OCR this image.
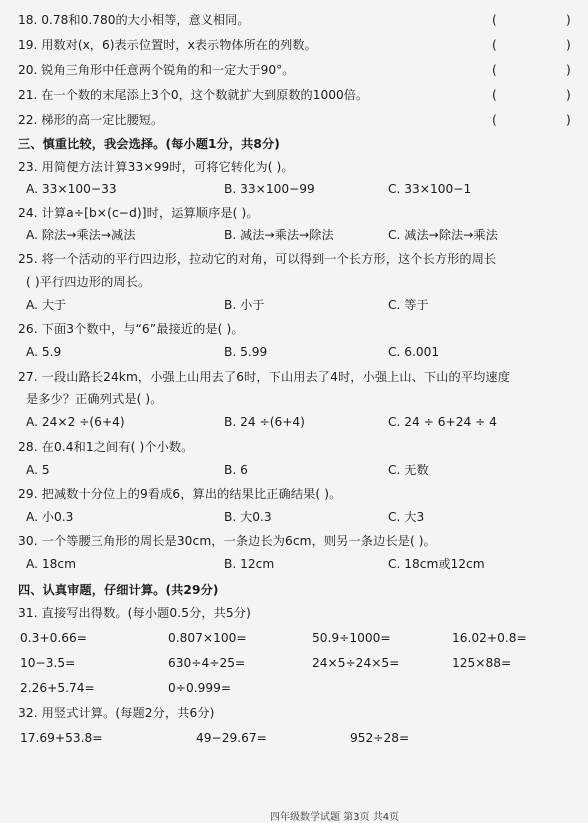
18. 0.78和0.780的大小相等，意义相同。	(	)
19. 用数对(x，6)表示位置时，x表示物体所在的列数。	(	)
20. 锐角三角形中任意两个锐角的和一定大于90°。	(	)
21. 在一个数的末尾添上3个0，这个数就扩大到原数的1000倍。	(	)
22. 梯形的高一定比腰短。	(	)
三、慎重比较，我会选择。(每小题1分，共8分)
23. 用简便方法计算33×99时，可将它转化为( )。
A. 33×100−33	B. 33×100−99	C. 33×100−1
24. 计算a÷[b×(c−d)]时，运算顺序是( )。
A. 除法→乘法→减法	B. 减法→乘法→除法	C. 减法→除法→乘法
25. 将一个活动的平行四边形，拉动它的对角，可以得到一个长方形，这个长方形的周长
( )平行四边形的周长。
A. 大于	B. 小于	C. 等于
26. 下面3个数中，与“6”最接近的是( )。
A. 5.9	B. 5.99	C. 6.001
27. 一段山路长24km，小强上山用去了6时，下山用去了4时，小强上山、下山的平均速度
是多少？正确列式是( )。
A. 24×2 ÷(6+4)	B. 24 ÷(6+4)	C. 24 ÷ 6+24 ÷ 4
28. 在0.4和1之间有( )个小数。
A. 5	B. 6	C. 无数
29. 把减数十分位上的9看成6，算出的结果比正确结果( )。
A. 小0.3	B. 大0.3	C. 大3
30. 一个等腰三角形的周长是30cm，一条边长为6cm，则另一条边长是( )。
A. 18cm	B. 12cm	C. 18cm或12cm
四、认真审题，仔细计算。(共29分)
31. 直接写出得数。(每小题0.5分，共5分)
0.3+0.66=	0.807×100=	50.9÷1000=	16.02+0.8=
10−3.5=	630÷4÷25=	24×5÷24×5=	125×88=
2.26+5.74=	0÷0.999=
32. 用竖式计算。(每题2分，共6分)
17.69+53.8=	49−29.67=	952÷28=
四年级数学试题 第3页 共4页
